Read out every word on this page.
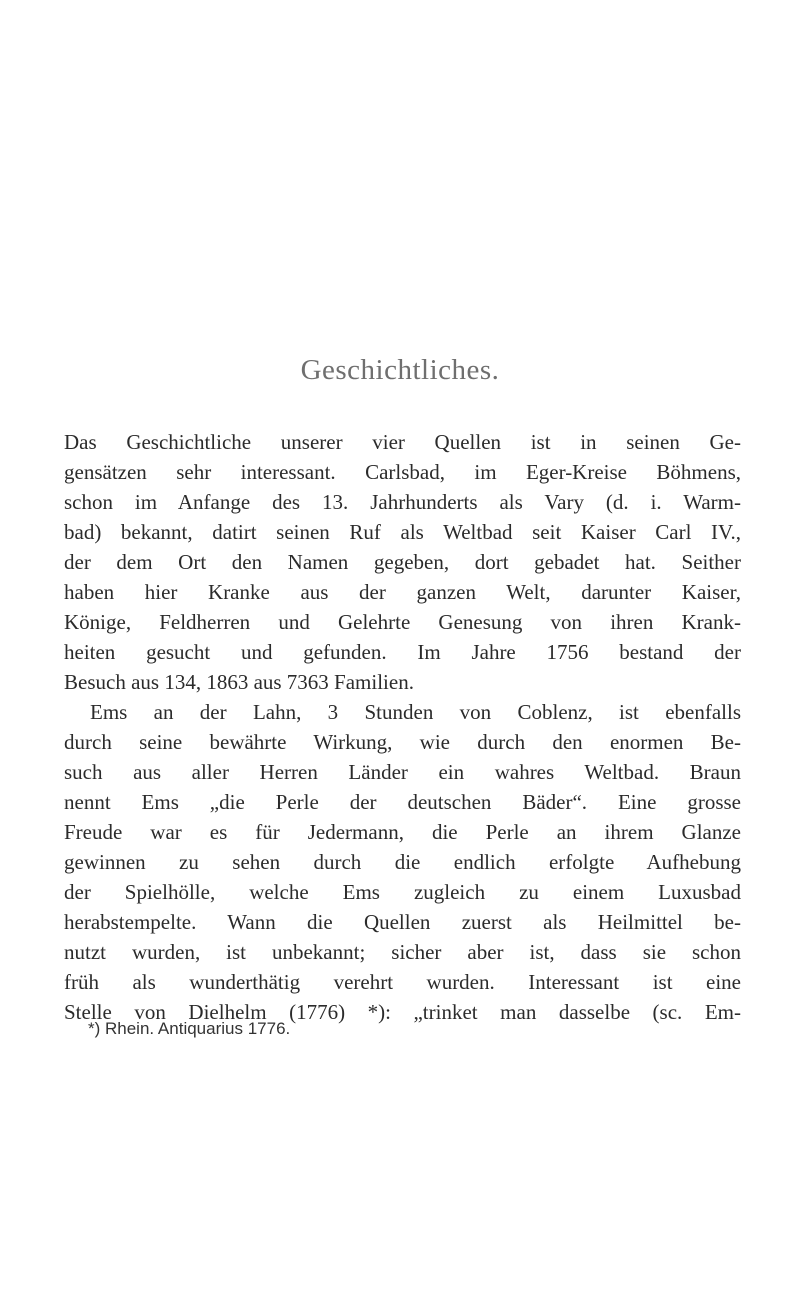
Geschichtliches.
Das Geschichtliche unserer vier Quellen ist in seinen Ge-
gensätzen sehr interessant. Carlsbad, im Eger-Kreise Böhmens,
schon im Anfange des 13. Jahrhunderts als Vary (d. i. Warm-
bad) bekannt, datirt seinen Ruf als Weltbad seit Kaiser Carl IV.,
der dem Ort den Namen gegeben, dort gebadet hat. Seither
haben hier Kranke aus der ganzen Welt, darunter Kaiser,
Könige, Feldherren und Gelehrte Genesung von ihren Krank-
heiten gesucht und gefunden. Im Jahre 1756 bestand der
Besuch aus 134, 1863 aus 7363 Familien.
Ems an der Lahn, 3 Stunden von Coblenz, ist ebenfalls
durch seine bewährte Wirkung, wie durch den enormen Be-
such aus aller Herren Länder ein wahres Weltbad. Braun
nennt Ems „die Perle der deutschen Bäder“. Eine grosse
Freude war es für Jedermann, die Perle an ihrem Glanze
gewinnen zu sehen durch die endlich erfolgte Aufhebung
der Spielhölle, welche Ems zugleich zu einem Luxusbad
herabstempelte. Wann die Quellen zuerst als Heilmittel be-
nutzt wurden, ist unbekannt; sicher aber ist, dass sie schon
früh als wunderthätig verehrt wurden. Interessant ist eine
Stelle von Dielhelm (1776) *): „trinket man dasselbe (sc. Em-
*) Rhein. Antiquarius 1776.
